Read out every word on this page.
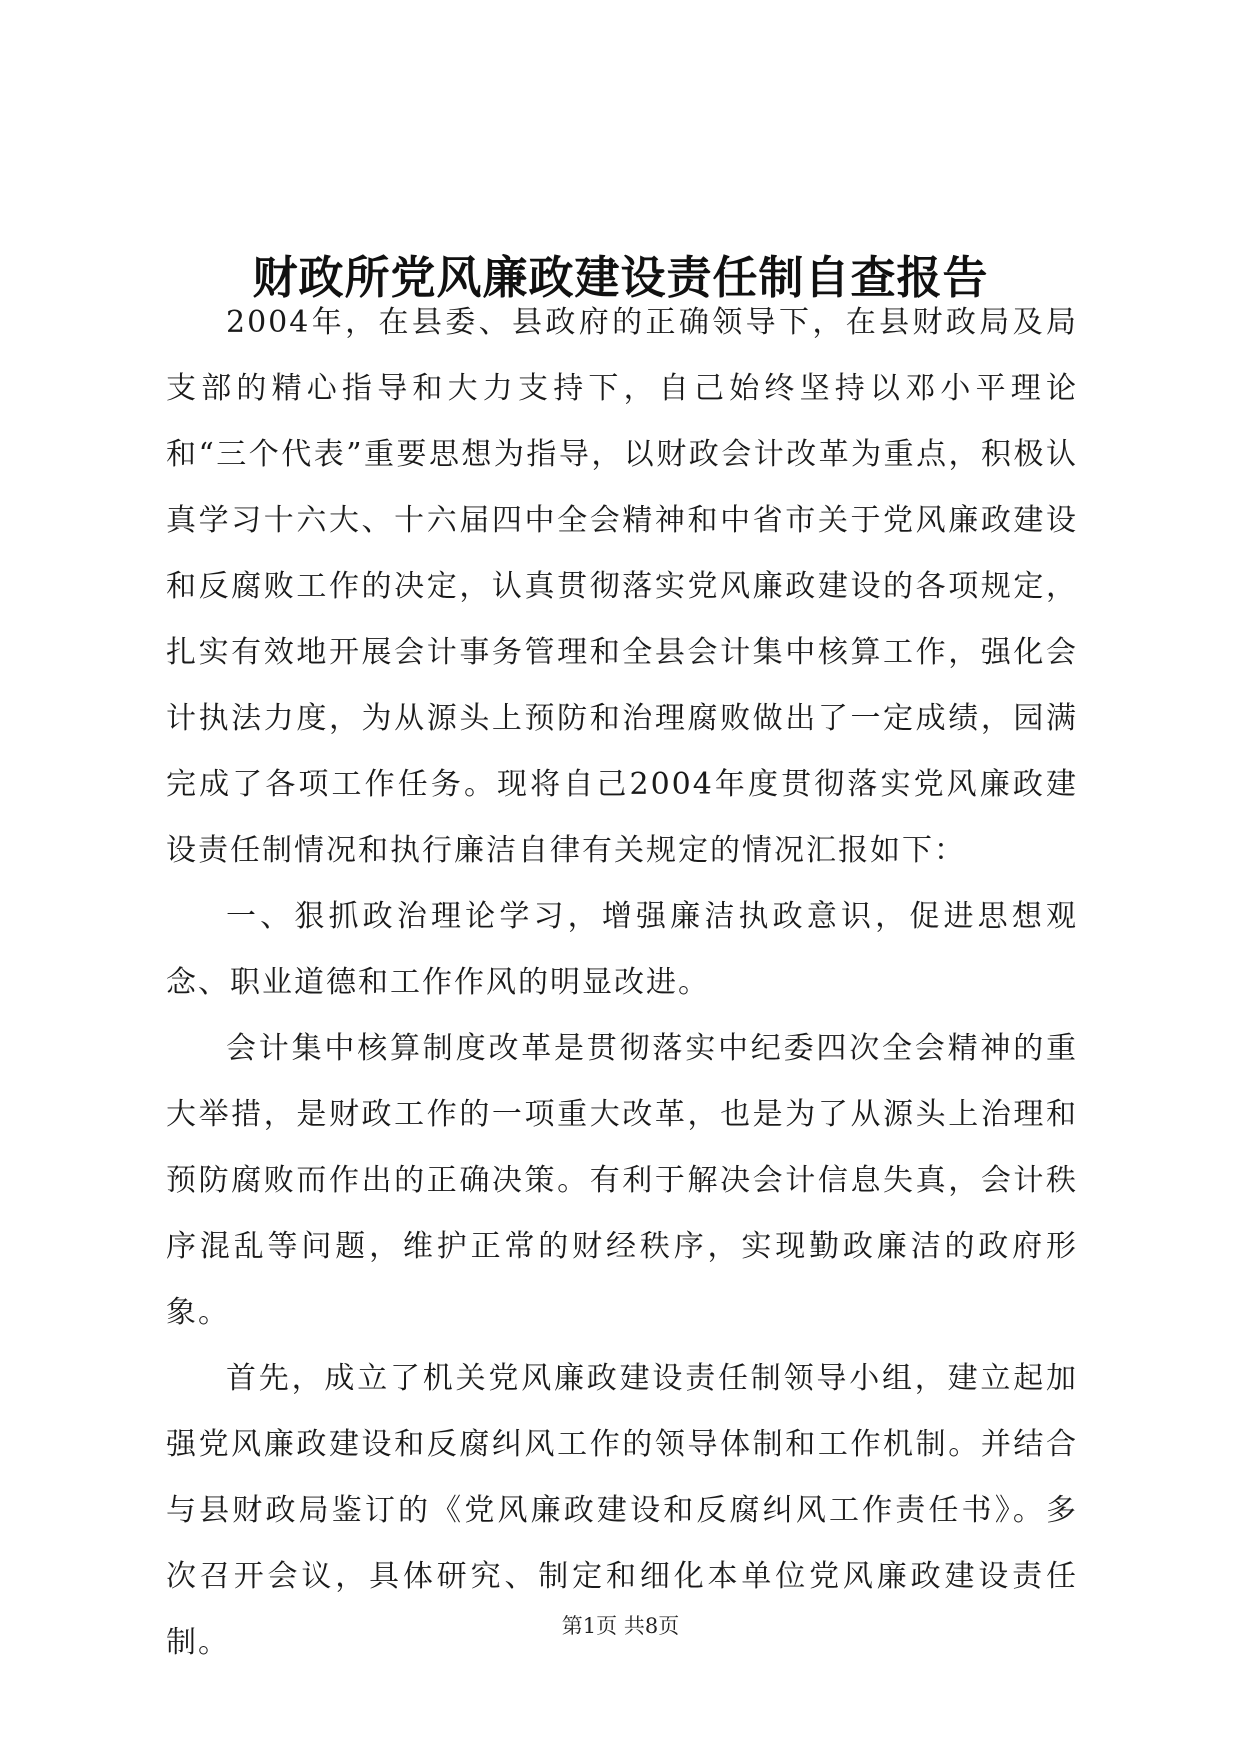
财政所党风廉政建设责任制自查报告

2004年，在县委、县政府的正确领导下，在县财政局及局支部的精心指导和大力支持下，自己始终坚持以邓小平理论和“三个代表”重要思想为指导，以财政会计改革为重点，积极认真学习十六大、十六届四中全会精神和中省市关于党风廉政建设和反腐败工作的决定，认真贯彻落实党风廉政建设的各项规定，扎实有效地开展会计事务管理和全县会计集中核算工作，强化会计执法力度，为从源头上预防和治理腐败做出了一定成绩，园满完成了各项工作任务。现将自己2004年度贯彻落实党风廉政建设责任制情况和执行廉洁自律有关规定的情况汇报如下：

一、狠抓政治理论学习，增强廉洁执政意识，促进思想观念、职业道德和工作作风的明显改进。

会计集中核算制度改革是贯彻落实中纪委四次全会精神的重大举措，是财政工作的一项重大改革，也是为了从源头上治理和预防腐败而作出的正确决策。有利于解决会计信息失真，会计秩序混乱等问题，维护正常的财经秩序，实现勤政廉洁的政府形象。

首先，成立了机关党风廉政建设责任制领导小组，建立起加强党风廉政建设和反腐纠风工作的领导体制和工作机制。并结合与县财政局鉴订的《党风廉政建设和反腐纠风工作责任书》。多次召开会议，具体研究、制定和细化本单位党风廉政建设责任制。	第1页 共8页
